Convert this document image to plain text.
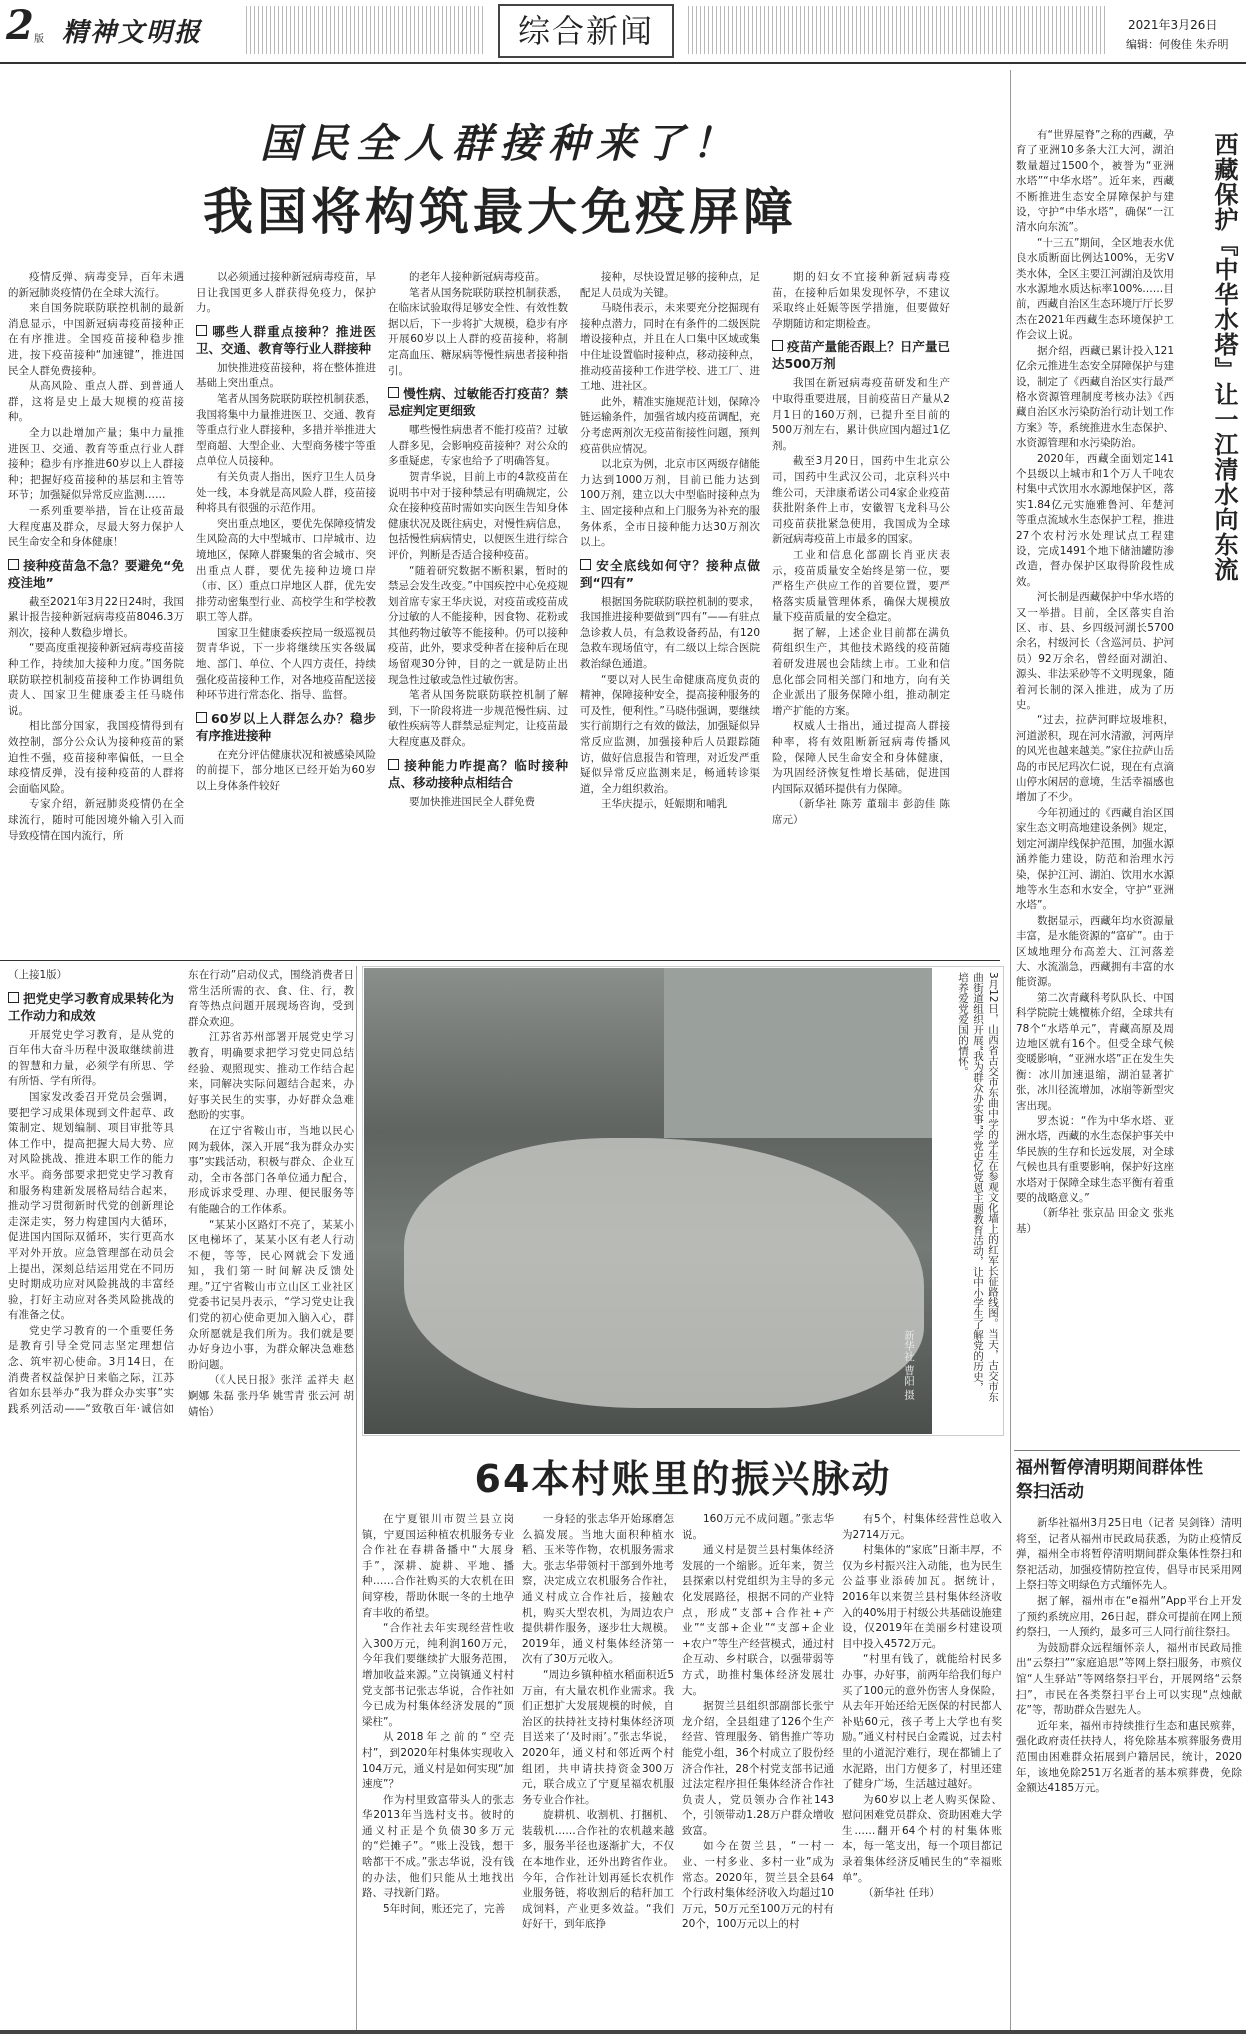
2 版 精神文明报	综合新闻	2021年3月26日
编辑：何俊佳 朱乔明
国民全人群接种来了！
我国将构筑最大免疫屏障

疫情反弹、病毒变异，百年未遇的新冠肺炎疫情仍在全球大流行。

来自国务院联防联控机制的最新消息显示，中国新冠病毒疫苗接种正在有序推进。全国疫苗接种稳步推进，按下疫苗接种“加速键”，推进国民全人群免费接种。

从高风险、重点人群、到普通人群，这将是史上最大规模的疫苗接种。

全力以赴增加产量；集中力量推进医卫、交通、教育等重点行业人群接种；稳步有序推进60岁以上人群接种；把握好疫苗接种的基层和主管等环节；加强疑似异常反应监测……

一系列重要举措，旨在让疫苗最大程度惠及群众，尽最大努力保护人民生命安全和身体健康！

接种疫苗急不急？要避免“免疫洼地”

截至2021年3月22日24时，我国累计报告接种新冠病毒疫苗8046.3万剂次，接种人数稳步增长。

“要高度重视接种新冠病毒疫苗接种工作，持续加大接种力度。”国务院联防联控机制疫苗接种工作协调组负责人、国家卫生健康委主任马晓伟说。

相比部分国家，我国疫情得到有效控制，部分公众认为接种疫苗的紧迫性不强，疫苗接种率偏低，一旦全球疫情反弹，没有接种疫苗的人群将会面临风险。

专家介绍，新冠肺炎疫情仍在全球流行，随时可能因境外输入引入而导致疫情在国内流行，所

以必须通过接种新冠病毒疫苗，早日让我国更多人群获得免疫力，保护力。

哪些人群重点接种？推进医卫、交通、教育等行业人群接种

加快推进疫苗接种，将在整体推进基础上突出重点。

笔者从国务院联防联控机制获悉，我国将集中力量推进医卫、交通、教育等重点行业人群接种，多措并举推进大型商超、大型企业、大型商务楼宇等重点单位人员接种。

有关负责人指出，医疗卫生人员身处一线，本身就是高风险人群，疫苗接种将具有很强的示范作用。

突出重点地区，要优先保障疫情发生风险高的大中型城市、口岸城市、边境地区，保障人群聚集的省会城市、突出重点人群，要优先接种边境口岸（市、区）重点口岸地区人群，优先安排劳动密集型行业、高校学生和学校教职工等人群。

国家卫生健康委疾控局一级巡视员贺青华说，下一步将继续压实各级属地、部门、单位、个人四方责任，持续强化疫苗接种工作，对各地疫苗配送接种环节进行常态化、指导、监督。

60岁以上人群怎么办？稳步有序推进接种

在充分评估健康状况和被感染风险的前提下，部分地区已经开始为60岁以上身体条件较好

的老年人接种新冠病毒疫苗。

笔者从国务院联防联控机制获悉，在临床试验取得足够安全性、有效性数据以后，下一步将扩大规模，稳步有序开展60岁以上人群的疫苗接种，将制定高血压、糖尿病等慢性病患者接种指引。

慢性病、过敏能否打疫苗？禁忌症判定更细致

哪些慢性病患者不能打疫苗？过敏人群多见，会影响疫苗接种？对公众的多重疑虑，专家也给予了明确答复。

贺青华说，目前上市的4款疫苗在说明书中对于接种禁忌有明确规定，公众在接种疫苗时需如实向医生告知身体健康状况及既往病史，对慢性病信息，包括慢性病病情史，以便医生进行综合评价，判断是否适合接种疫苗。

“随着研究数据不断积累，暂时的禁忌会发生改变。”中国疾控中心免疫规划首席专家王华庆说，对疫苗或疫苗成分过敏的人不能接种，因食物、花粉或其他药物过敏等不能接种。仍可以接种疫苗，此外，要求受种者在接种后在现场留观30分钟，目的之一就是防止出现急性过敏或急性过敏伤害。

笔者从国务院联防联控机制了解到，下一阶段将进一步规范慢性病、过敏性疾病等人群禁忌症判定，让疫苗最大程度惠及群众。

接种能力咋提高？临时接种点、移动接种点相结合

要加快推进国民全人群免费

接种，尽快设置足够的接种点，足配足人员成为关键。

马晓伟表示，未来要充分挖掘现有接种点潜力，同时在有条件的二级医院增设接种点，并且在人口集中区域或集中住址设置临时接种点，移动接种点，推动疫苗接种工作进学校、进工厂、进工地、进社区。

此外，精准实施规范计划，保障冷链运输条件，加强省域内疫苗调配，充分考虑两剂次无疫苗衔接性问题，预判疫苗供应情况。

以北京为例，北京市区两级存储能力达到1000万剂，目前已能力达到100万剂，建立以大中型临时接种点为主、固定接种点和上门服务为补充的服务体系，全市日接种能力达30万剂次以上。

安全底线如何守？接种点做到“四有”

根据国务院联防联控机制的要求，我国推进接种要做到“四有”——有驻点急诊救人员，有急救设备药品，有120急救车现场值守，有二级以上综合医院救治绿色通道。

“要以对人民生命健康高度负责的精神，保障接种安全，提高接种服务的可及性，便利性。”马晓伟强调，要继续实行前期行之有效的做法，加强疑似异常反应监测，加强接种后人员跟踪随访，做好信息报告和管理，对近发严重疑似异常反应监测来足，畅通转诊渠道，全力组织救治。

王华庆提示，妊娠期和哺乳

期的妇女不宜接种新冠病毒疫苗，在接种后如果发现怀孕，不建议采取终止妊娠等医学措施，但要做好孕期随访和定期检查。

疫苗产量能否跟上？日产量已达500万剂

我国在新冠病毒疫苗研发和生产中取得重要进展，目前疫苗日产量从2月1日的160万剂，已提升至目前的500万剂左右，累计供应国内超过1亿剂。

截至3月20日，国药中生北京公司，国药中生武汉公司，北京科兴中维公司，天津康希诺公司4家企业疫苗获批附条件上市，安徽智飞龙科马公司疫苗获批紧急使用，我国成为全球新冠病毒疫苗上市最多的国家。

工业和信息化部副长肖亚庆表示，疫苗质量安全始终是第一位，要严格生产供应工作的首要位置，要严格落实质量管理体系，确保大规模放量下疫苗质量的安全稳定。

据了解，上述企业目前都在满负荷组织生产，其他技术路线的疫苗随着研发进展也会陆续上市。工业和信息化部会同相关部门和地方，向有关企业派出了服务保障小组，推动制定增产扩能的方案。

权威人士指出，通过提高人群接种率，将有效阻断新冠病毒传播风险，保障人民生命安全和身体健康，为巩固经济恢复性增长基础，促进国内国际双循环提供有力保障。

（新华社 陈芳 董瑞丰 彭韵佳 陈席元）

有“世界屋脊”之称的西藏，孕育了亚洲10多条大江大河，湖泊数量超过1500个，被誉为“亚洲水塔”“中华水塔”。近年来，西藏不断推进生态安全屏障保护与建设，守护“中华水塔”，确保“一江清水向东流”。

“十三五”期间，全区地表水优良水质断面比例达100%，无劣V类水体，全区主要江河湖泊及饮用水水源地水质达标率100%……目前，西藏自治区生态环境厅厅长罗杰在2021年西藏生态环境保护工作会议上说。

据介绍，西藏已累计投入121亿余元推进生态安全屏障保护与建设，制定了《西藏自治区实行最严格水资源管理制度考核办法》《西藏自治区水污染防治行动计划工作方案》等，系统推进水生态保护、水资源管理和水污染防治。

2020年，西藏全面划定141个县级以上城市和1个万人千吨农村集中式饮用水水源地保护区，落实1.84亿元实施雅鲁河、年楚河等重点流域水生态保护工程，推进27个农村污水处理试点工程建设，完成1491个地下储油罐防渗改造，督办保护区取得阶段性成效。

河长制是西藏保护中华水塔的又一举措。目前，全区落实自治区、市、县、乡四级河湖长5700余名，村级河长（含巡河员、护河员）92万余名，曾经面对湖泊、源头、非法采砂等不文明现象，随着河长制的深入推进，成为了历史。

“过去，拉萨河畔垃圾堆积，河道淤积，现在河水清澈，河两岸的风光也越来越美。”家住拉萨山岳岛的市民尼玛次仁说，现在有点滴山停水闲居的意境，生活幸福感也增加了不少。

今年初通过的《西藏自治区国家生态文明高地建设条例》规定，划定河湖岸线保护范围，加强水源涵养能力建设，防范和治理水污染，保护江河、湖泊、饮用水水源地等水生态和水安全，守护“亚洲水塔”。

数据显示，西藏年均水资源量丰富，是水能资源的“富矿”。由于区域地理分布高差大、江河落差大、水流湍急，西藏拥有丰富的水能资源。

第二次青藏科考队队长、中国科学院院士姚檀栋介绍，全球共有78个“水塔单元”，青藏高原及周边地区就有16个。但受全球气候变暖影响，“亚洲水塔”正在发生失衡：冰川加速退缩，湖泊显著扩张，冰川径流增加，冰崩等新型灾害出现。

罗杰说：“作为中华水塔、亚洲水塔，西藏的水生态保护事关中华民族的生存和长远发展，对全球气候也具有重要影响，保护好这座水塔对于保障全球生态平衡有着重要的战略意义。”

（新华社 张京品 田金文 张兆基）

西藏保护『中华水塔』让一江清水向东流
3月12日，山西省古交市东曲中学的学生在参观文化墙上的红军长征路线图。当天，古交市东曲街道组织开展“我为群众办实事”学党史忆党恩主题教育活动，让中小学生了解党的历史，培养爱党爱国的情怀。
新华社 曹阳 摄
（上接1版）
把党史学习教育成果转化为工作动力和成效

开展党史学习教育，是从党的百年伟大奋斗历程中汲取继续前进的智慧和力量，必须学有所思、学有所悟、学有所得。

国家发改委召开党员会强调，要把学习成果体现到文件起草、政策制定、规划编制、项目审批等具体工作中，提高把握大局大势、应对风险挑战、推进本职工作的能力水平。商务部要求把党史学习教育和服务构建新发展格局结合起来，推动学习贯彻新时代党的创新理论走深走实，努力构建国内大循环，促进国内国际双循环，实行更高水平对外开放。应急管理部在动员会上提出，深刻总结运用党在不同历史时期成功应对风险挑战的丰富经验，打好主动应对各类风险挑战的有准备之仗。

党史学习教育的一个重要任务是教育引导全党同志坚定理想信念、筑牢初心使命。3月14日，在消费者权益保护日来临之际，江苏省如东县举办“我为群众办实事”实践系列活动——“致敬百年·诚信如东在行动”启动仪式，围绕消费者日常生活所需的衣、食、住、行，教育等热点问题开展现场咨询，受到群众欢迎。

江苏省苏州部署开展党史学习教育，明确要求把学习党史同总结经验、观照现实、推动工作结合起来，同解决实际问题结合起来，办好事关民生的实事，办好群众急难愁盼的实事。

在辽宁省鞍山市，当地以民心网为载体，深入开展“我为群众办实事”实践活动，积极与群众、企业互动，全市各部门各单位通力配合，形成诉求受理、办理、便民服务等有能融合的工作体系。

“某某小区路灯不亮了，某某小区电梯坏了，某某小区有老人行动不便，等等，民心网就会下发通知，我们第一时间解决反馈处理。”辽宁省鞍山市立山区工业社区党委书记吴丹表示，“学习党史让我们党的初心使命更加入脑入心，群众所愿就是我们所为。我们就是要办好身边小事，为群众解决急难愁盼问题。

（《人民日报》张洋 孟祥夫 赵婀娜 朱磊 张丹华 姚雪青 张云河 胡婧怡）

64本村账里的振兴脉动

在宁夏银川市贺兰县立岗镇，宁夏国运种植农机服务专业合作社在春耕备播中“大展身手”，深耕、旋耕、平地、播种……合作社购买的大农机在田间穿梭，帮助休眠一冬的土地孕育丰收的希望。

“合作社去年实现经营性收入300万元，纯利润160万元，今年我们要继续扩大服务范围，增加收益来源。”立岗镇通义村村党支部书记张志华说，合作社如今已成为村集体经济发展的“顶梁柱”。

从2018年之前的“空壳村”，到2020年村集体实现收入104万元，通义村是如何实现“加速度”？

作为村里致富带头人的张志华2013年当选村支书。彼时的通义村正是个负债30多万元的“烂摊子”。“账上没钱，想干啥都干不成。”张志华说，没有钱的办法，他们只能从土地找出路、寻找新门路。

5年时间，账还完了，完善

一身轻的张志华开始琢磨怎么搞发展。当地大面积种植水稻、玉米等作物，农机服务需求大。张志华带领村干部到外地考察，决定成立农机服务合作社，通义村成立合作社后，接触农机，购买大型农机，为周边农户提供耕作服务，逐步壮大规模。2019年，通义村集体经济第一次有了30万元收入。

“周边乡镇种植水稻面积近5万亩，有大量农机作业需求。我们正想扩大发展规模的时候，自治区的扶持社支持村集体经济项目送来了‘及时雨’。”张志华说，2020年，通义村和邻近两个村组团，共申请扶持资金300万元，联合成立了宁夏星福农机服务专业合作社。

旋耕机、收割机、打捆机、装载机……合作社的农机越来越多，服务半径也逐渐扩大，不仅在本地作业，还外出跨省作业。今年，合作社计划再延长农机作业服务链，将收割后的秸秆加工成饲料，产业更多效益。“我们好好干，到年底挣

160万元不成问题。”张志华说。

通义村是贺兰县村集体经济发展的一个缩影。近年来，贺兰县探索以村党组织为主导的多元化发展路径，根据不同的产业特点，形成“支部+合作社+产业”“支部+企业”“支部+企业+农户”等生产经营模式，通过村企互动、乡村联合，以强带弱等方式，助推村集体经济发展壮大。

据贺兰县组织部副部长张宁龙介绍，全县组建了126个生产经营、管理服务、销售推广等功能党小组，36个村成立了股份经济合作社，28个村党支部书记通过法定程序担任集体经济合作社负责人，党员领办合作社143个，引领带动1.28万户群众增收致富。

如今在贺兰县，“一村一业、一村多业、多村一业”成为常态。2020年，贺兰县全县64个行政村集体经济收入均超过10万元，50万元至100万元的村有20个，100万元以上的村

有5个，村集体经营性总收入为2714万元。

村集体的“家底”日渐丰厚，不仅为乡村振兴注入动能，也为民生公益事业添砖加瓦。据统计，2016年以来贺兰县村集体经济收入的40%用于村级公共基础设施建设，仅2019年在美丽乡村建设项目中投入4572万元。

“村里有钱了，就能给村民多办事，办好事，前两年给我们每户买了100元的意外伤害人身保险，从去年开始还给无医保的村民都人补贴60元，孩子考上大学也有奖励。”通义村村民白金霞说，过去村里的小道泥泞难行，现在都铺上了水泥路，出门方便多了，村里还建了健身广场，生活越过越好。

为60岁以上老人购买保险、慰问困难党员群众、资助困难大学生……翻开64个村的村集体账本，每一笔支出，每一个项目都记录着集体经济反哺民生的“幸福账单”。

（新华社 任玮）

福州暂停清明期间群体性祭扫活动

新华社福州3月25日电（记者 吴剑锋）清明将至，记者从福州市民政局获悉，为防止疫情反弹，福州全市将暂停清明期间群众集体性祭扫和祭祀活动，加强疫情防控宣传，倡导市民采用网上祭扫等文明绿色方式缅怀先人。

据了解，福州市在“e福州”App平台上开发了预约系统应用，26日起，群众可提前在网上预约祭扫，一人预约，最多可三人同行前往祭扫。

为鼓励群众远程缅怀亲人，福州市民政局推出“云祭扫”“家庭追思”等网上祭扫服务，市殡仪馆“人生驿站”等网络祭扫平台，开展网络“云祭扫”，市民在各类祭扫平台上可以实现“点烛献花”等，帮助群众告慰先人。

近年来，福州市持续推行生态和惠民殡葬，强化政府责任扶持人，将免除基本殡葬服务费用范围由困难群众拓展到户籍居民，统计，2020年，该地免除251万名逝者的基本殡葬费，免除金额达4185万元。
